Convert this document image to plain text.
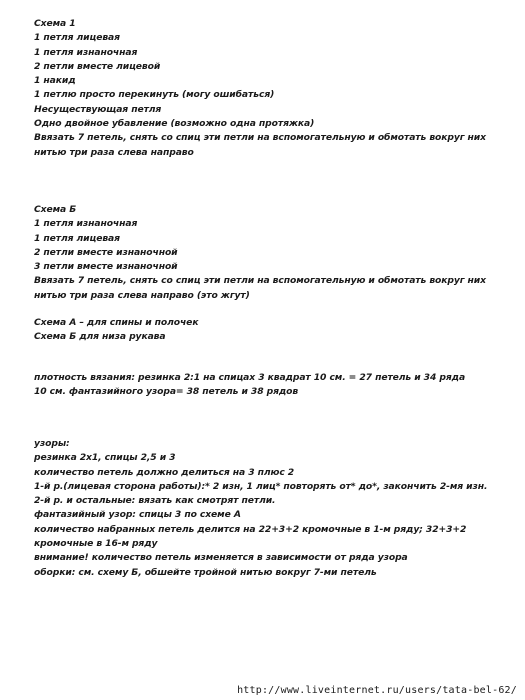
Схема 1
1 петля лицевая
1 петля изнаночная
2 петли вместе лицевой
1 накид
1 петлю просто перекинуть (могу ошибаться)
Несуществующая петля
Одно двойное убавление (возможно одна протяжка)
Ввязать 7 петель, снять со спиц эти петли на вспомогательную и обмотать вокруг них
нитью три раза слева направо
Схема Б
1 петля изнаночная
1 петля лицевая
2 петли вместе изнаночной
3 петли вместе изнаночной
Ввязать 7 петель, снять со спиц эти петли на вспомогательную и обмотать вокруг них
нитью три раза слева направо (это жгут)
Схема А – для спины и полочек
Схема Б для низа рукава
плотность вязания: резинка 2:1 на спицах 3 квадрат 10 см. = 27 петель и 34 ряда
10 см. фантазийного узора= 38 петель и 38 рядов
узоры:
резинка 2х1, спицы 2,5 и 3
количество петель должно делиться на 3 плюс 2
1-й р.(лицевая сторона работы):* 2 изн, 1 лиц* повторять от* до*, закончить 2-мя изн.
2-й р. и остальные: вязать как смотрят петли.
фантазийный узор: спицы 3 по схеме А
количество набранных петель делится на 22+3+2 кромочные в 1-м ряду; 32+3+2
кромочные в 16-м ряду
внимание! количество петель изменяется в зависимости от ряда узора
оборки: см. схему Б, обшейте тройной нитью вокруг 7-ми петель
http://www.liveinternet.ru/users/tata-bel-62/
